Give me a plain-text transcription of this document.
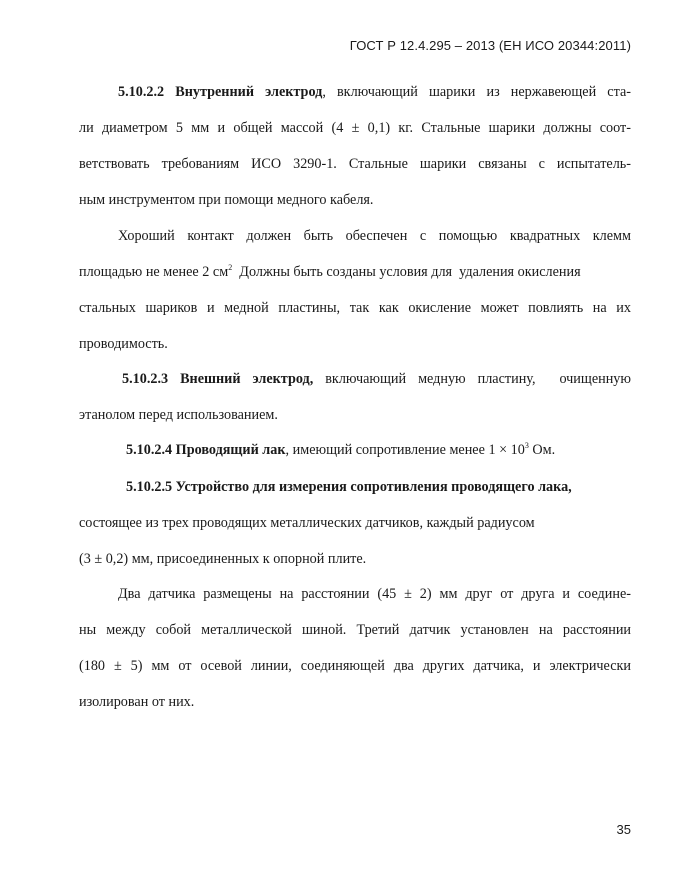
ГОСТ Р 12.4.295 – 2013 (ЕН ИСО 20344:2011)
5.10.2.2 Внутренний электрод, включающий шарики из нержавеющей ста-
ли диаметром 5 мм и общей массой (4 ± 0,1) кг. Стальные шарики должны соот-
ветствовать требованиям ИСО 3290-1. Стальные шарики связаны с испытатель-
ным инструментом при помощи медного кабеля.
Хороший контакт должен быть обеспечен с помощью квадратных клемм
площадью не менее 2 $см^2$  Должны быть созданы условия для  удаления окисления
стальных шариков и медной пластины, так как окисление может повлиять на их
проводимость.
5.10.2.3 Внешний электрод, включающий медную пластину,  очищенную
этанолом перед использованием.
5.10.2.4 Проводящий лак, имеющий сопротивление менее $1 \times 10^3$ Ом.
5.10.2.5 Устройство для измерения сопротивления проводящего лака,
состоящее из трех проводящих металлических датчиков, каждый радиусом
(3 ± 0,2) мм, присоединенных к опорной плите.
Два датчика размещены на расстоянии (45 ± 2) мм друг от друга и соедине-
ны между собой металлической шиной. Третий датчик установлен на расстоянии
(180 ± 5) мм от осевой линии, соединяющей два других датчика, и электрически
изолирован от них.
35
